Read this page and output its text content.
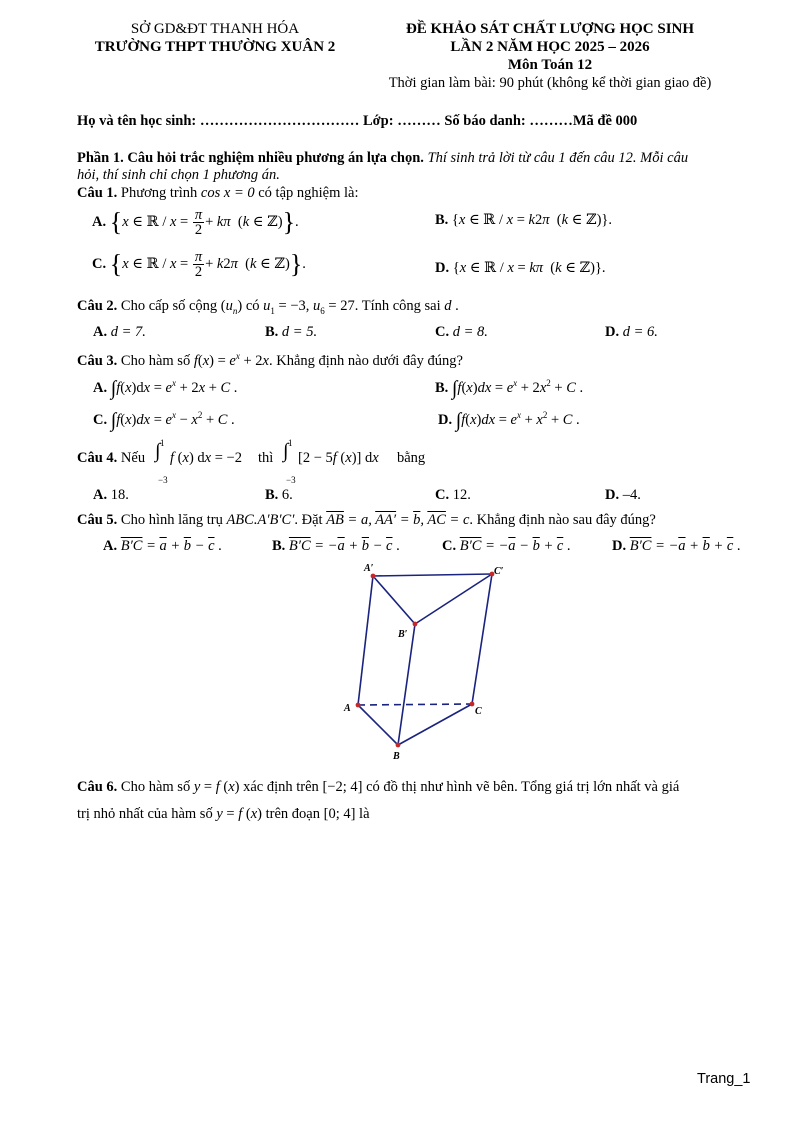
SỞ GD&ĐT THANH HÓA
TRƯỜNG THPT THƯỜNG XUÂN 2
ĐỀ KHẢO SÁT CHẤT LƯỢNG HỌC SINH
LẦN 2 NĂM HỌC 2025 – 2026
Môn Toán 12
Thời gian làm bài: 90 phút (không kể thời gian giao đề)
Họ và tên học sinh: …………………………… Lớp: ……… Số báo danh: ………Mã đề 000
Phần 1. Câu hỏi trắc nghiệm nhiều phương án lựa chọn. Thí sinh trả lời từ câu 1 đến câu 12. Mỗi câu
hỏi, thí sinh chỉ chọn 1 phương án.
Câu 1. Phương trình cos x = 0 có tập nghiệm là:
A. {x ∈ ℝ / $x = \frac{\pi}{2} + k\pi$  (k ∈ ℤ)}.	B. {x ∈ ℝ / x = k2π  (k ∈ ℤ)}.
C. {x ∈ ℝ / $x = \frac{\pi}{2} + k2\pi$  (k ∈ ℤ)}.	D. {x ∈ ℝ / x = kπ  (k ∈ ℤ)}.
Câu 2. Cho cấp số cộng $(u_n)$ có $u_1 = -3$, $u_6 = 27$. Tính công sai d .
A. d = 7.	B. d = 5.	C. d = 8.	D. d = 6.
Câu 3. Cho hàm số $f(x) = e^x + 2x$. Khẳng định nào dưới đây đúng?
A. $\int f(x)dx = e^x + 2x + C$ .	B. $\int f(x)dx = e^x + 2x^2 + C$ .
C. $\int f(x)dx = e^x - x^2 + C$ .	D. $\int f(x)dx = e^x + x^2 + C$ .
Câu 4. Nếu
1
∫
−3
f (x) dx = −2 thì
1
∫
−3
[2 − 5f (x)] dx bằng
A. 18.	B. 6.	C. 12.	D. –4.
Câu 5. Cho hình lăng trụ ABC.A′B′C′. Đặt $\overline{AB} = a$, $AA' = \overline{b}$, $\overline{AC} = c$. Khẳng định nào sau đây đúng?
A. $B'C = \overline{a} + \overline{b} - \overline{c}$ .	B. $B'C = -\overline{a} + \overline{b} - \overline{c}$ .	C. $B'C = -\overline{a} - \overline{b} + \overline{c}$ .	D. $B'C = -\overline{a} + \overline{b} + \overline{c}$ .
A′	C′
B′
A	C
B
Câu 6. Cho hàm số y = f (x) xác định trên [−2; 4] có đồ thị như hình vẽ bên. Tổng giá trị lớn nhất và giá
trị nhỏ nhất của hàm số y = f (x) trên đoạn [0; 4] là
Trang_1
